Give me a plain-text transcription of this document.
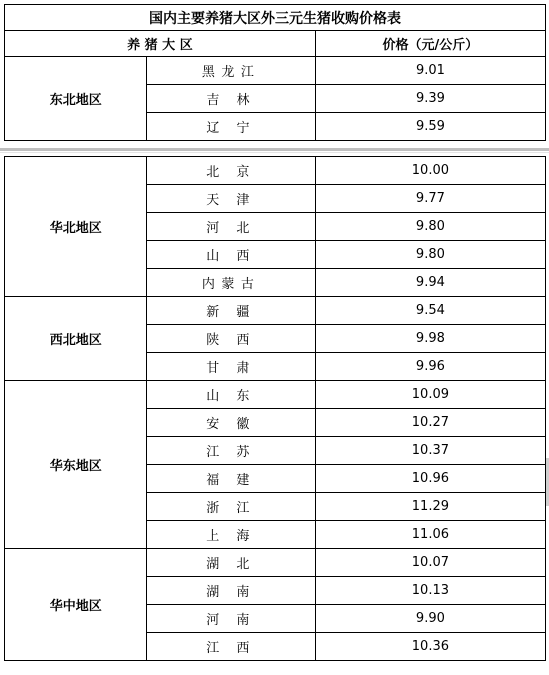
国内主要养猪大区外三元生猪收购价格表		
养 猪 大 区		价格（元/公斤）
东北地区	黑龙江	9.01
	吉 林	9.39
	辽 宁	9.59
华北地区	北 京	10.00
	天 津	9.77
	河 北	9.80
	山 西	9.80
	内蒙古	9.94
西北地区	新 疆	9.54
	陕 西	9.98
	甘 肃	9.96
华东地区	山 东	10.09
	安 徽	10.27
	江 苏	10.37
	福 建	10.96
	浙 江	11.29
	上 海	11.06
华中地区	湖 北	10.07
	湖 南	10.13
	河 南	9.90
	江 西	10.36
